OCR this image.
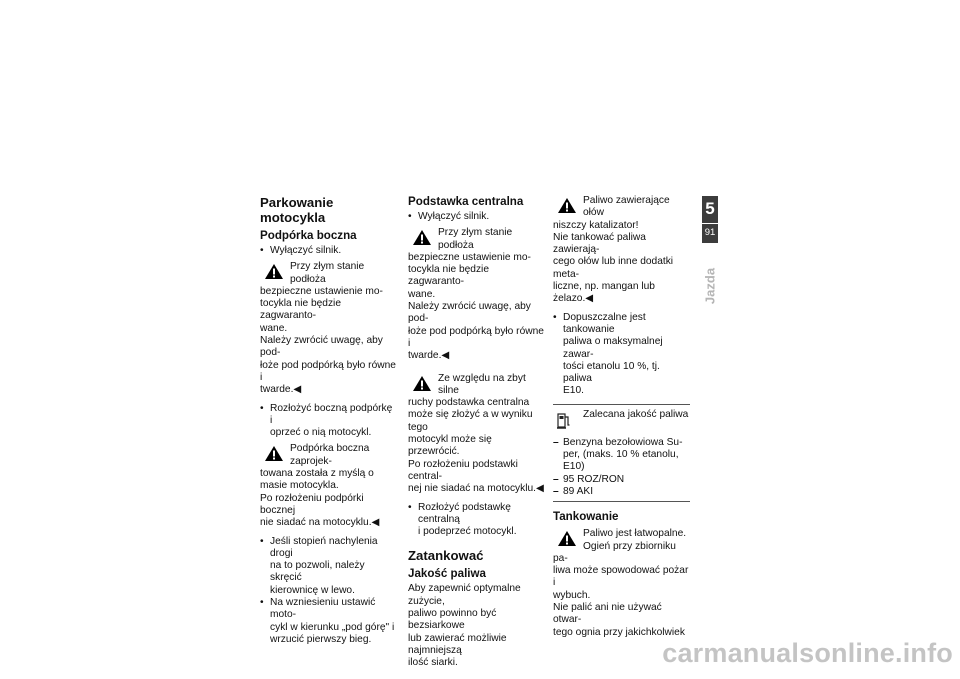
Parkowanie motocykla
Podpórka boczna

• Wyłączyć silnik.

Przy złym stanie podłoża

bezpieczne ustawienie mo-

tocykla nie będzie zagwaranto-

wane.

Należy zwrócić uwagę, aby pod-

łoże pod podpórką było równe i

twarde.◀

• Rozłożyć boczną podpórkę i

oprzeć o nią motocykl.

Podpórka boczna zaprojek-

towana została z myślą o

masie motocykla.

Po rozłożeniu podpórki bocznej

nie siadać na motocyklu.◀

• Jeśli stopień nachylenia drogi

na to pozwoli, należy skręcić

kierownicę w lewo.

• Na wzniesieniu ustawić moto-

cykl w kierunku „pod górę" i

wrzucić pierwszy bieg.

Podstawka centralna

• Wyłączyć silnik.

Przy złym stanie podłoża

bezpieczne ustawienie mo-

tocykla nie będzie zagwaranto-

wane.

Należy zwrócić uwagę, aby pod-

łoże pod podpórką było równe i

twarde.◀

Ze względu na zbyt silne

ruchy podstawka centralna

może się złożyć a w wyniku tego

motocykl może się przewrócić.

Po rozłożeniu podstawki central-

nej nie siadać na motocyklu.◀

• Rozłożyć podstawkę centralną

i podeprzeć motocykl.

Zatankować
Jakość paliwa

Aby zapewnić optymalne zużycie,

paliwo powinno być bezsiarkowe

lub zawierać możliwie najmniejszą

ilość siarki.

Paliwo zawierające ołów

niszczy katalizator!

Nie tankować paliwa zawierają-

cego ołów lub inne dodatki meta-

liczne, np. mangan lub żelazo.◀

• Dopuszczalne jest tankowanie

paliwa o maksymalnej zawar-

tości etanolu 10 %, tj. paliwa

E10.

Zalecana jakość paliwa

– Benzyna bezołowiowa Su-

per, (maks. 10 % etanolu,

E10)

– 95 ROZ/RON

– 89 AKI

Tankowanie

Paliwo jest łatwopalne.

Ogień przy zbiorniku pa-

liwa może spowodować pożar i

wybuch.

Nie palić ani nie używać otwar-

tego ognia przy jakichkolwiek

5
91
Jazda
carmanualsonline.info
